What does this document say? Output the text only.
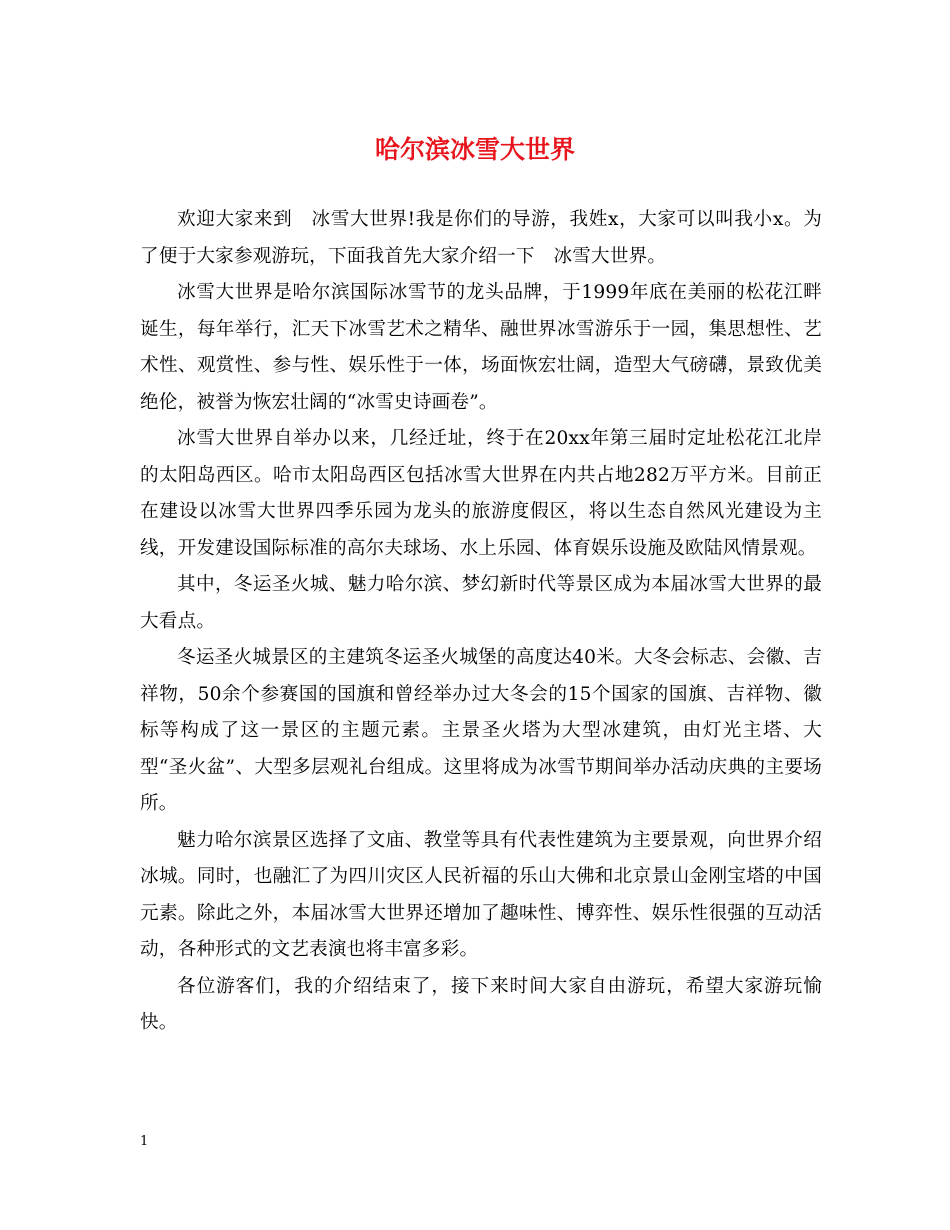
哈尔滨冰雪大世界

欢迎大家来到　冰雪大世界!我是你们的导游，我姓x，大家可以叫我小x。为了便于大家参观游玩，下面我首先大家介绍一下　冰雪大世界。

冰雪大世界是哈尔滨国际冰雪节的龙头品牌，于1999年底在美丽的松花江畔诞生，每年举行，汇天下冰雪艺术之精华、融世界冰雪游乐于一园，集思想性、艺术性、观赏性、参与性、娱乐性于一体，场面恢宏壮阔，造型大气磅礴，景致优美绝伦，被誉为恢宏壮阔的“冰雪史诗画卷”。

冰雪大世界自举办以来，几经迁址，终于在20xx年第三届时定址松花江北岸的太阳岛西区。哈市太阳岛西区包括冰雪大世界在内共占地282万平方米。目前正在建设以冰雪大世界四季乐园为龙头的旅游度假区，将以生态自然风光建设为主线，开发建设国际标准的高尔夫球场、水上乐园、体育娱乐设施及欧陆风情景观。

其中，冬运圣火城、魅力哈尔滨、梦幻新时代等景区成为本届冰雪大世界的最大看点。

冬运圣火城景区的主建筑冬运圣火城堡的高度达40米。大冬会标志、会徽、吉祥物，50余个参赛国的国旗和曾经举办过大冬会的15个国家的国旗、吉祥物、徽标等构成了这一景区的主题元素。主景圣火塔为大型冰建筑，由灯光主塔、大型“圣火盆”、大型多层观礼台组成。这里将成为冰雪节期间举办活动庆典的主要场所。

魅力哈尔滨景区选择了文庙、教堂等具有代表性建筑为主要景观，向世界介绍冰城。同时，也融汇了为四川灾区人民祈福的乐山大佛和北京景山金刚宝塔的中国元素。除此之外，本届冰雪大世界还增加了趣味性、博弈性、娱乐性很强的互动活动，各种形式的文艺表演也将丰富多彩。

各位游客们，我的介绍结束了，接下来时间大家自由游玩，希望大家游玩愉快。

1
